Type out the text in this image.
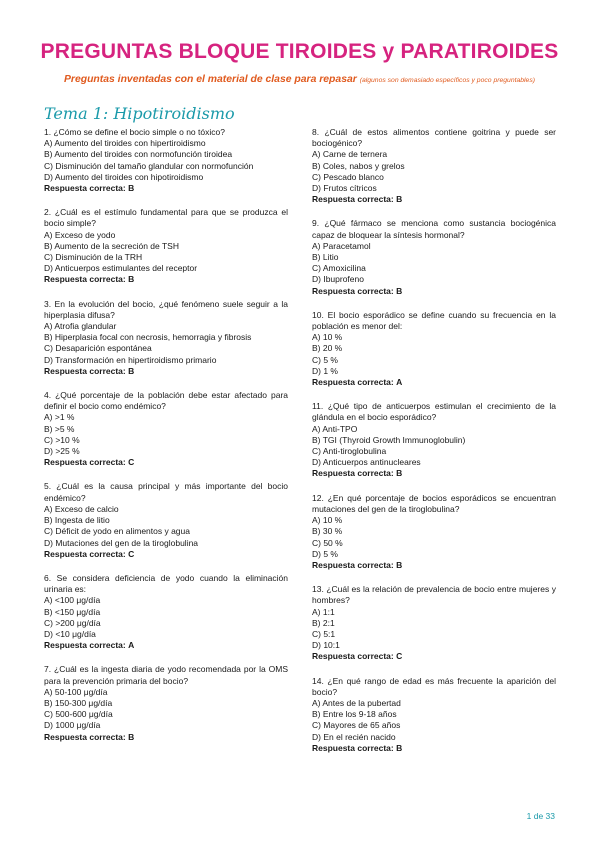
PREGUNTAS BLOQUE TIROIDES y PARATIROIDES
Preguntas inventadas con el material de clase para repasar (algunos son demasiado específicos y poco preguntables)
Tema 1: Hipotiroidismo
1. ¿Cómo se define el bocio simple o no tóxico?
A) Aumento del tiroides con hipertiroidismo
B) Aumento del tiroides con normofunción tiroidea
C) Disminución del tamaño glandular con normofunción
D) Aumento del tiroides con hipotiroidismo
Respuesta correcta: B
2. ¿Cuál es el estímulo fundamental para que se produzca el bocio simple?
A) Exceso de yodo
B) Aumento de la secreción de TSH
C) Disminución de la TRH
D) Anticuerpos estimulantes del receptor
Respuesta correcta: B
3. En la evolución del bocio, ¿qué fenómeno suele seguir a la hiperplasia difusa?
A) Atrofia glandular
B) Hiperplasia focal con necrosis, hemorragia y fibrosis
C) Desaparición espontánea
D) Transformación en hipertiroidismo primario
Respuesta correcta: B
4. ¿Qué porcentaje de la población debe estar afectado para definir el bocio como endémico?
A) >1 %
B) >5 %
C) >10 %
D) >25 %
Respuesta correcta: C
5. ¿Cuál es la causa principal y más importante del bocio endémico?
A) Exceso de calcio
B) Ingesta de litio
C) Déficit de yodo en alimentos y agua
D) Mutaciones del gen de la tiroglobulina
Respuesta correcta: C
6. Se considera deficiencia de yodo cuando la eliminación urinaria es:
A) <100 μg/día
B) <150 μg/día
C) >200 μg/día
D) <10 μg/día
Respuesta correcta: A
7. ¿Cuál es la ingesta diaria de yodo recomendada por la OMS para la prevención primaria del bocio?
A) 50-100 μg/día
B) 150-300 μg/día
C) 500-600 μg/día
D) 1000 μg/día
Respuesta correcta: B
8. ¿Cuál de estos alimentos contiene goitrina y puede ser bociogénico?
A) Carne de ternera
B) Coles, nabos y grelos
C) Pescado blanco
D) Frutos cítricos
Respuesta correcta: B
9. ¿Qué fármaco se menciona como sustancia bociogénica capaz de bloquear la síntesis hormonal?
A) Paracetamol
B) Litio
C) Amoxicilina
D) Ibuprofeno
Respuesta correcta: B
10. El bocio esporádico se define cuando su frecuencia en la población es menor del:
A) 10 %
B) 20 %
C) 5 %
D) 1 %
Respuesta correcta: A
11. ¿Qué tipo de anticuerpos estimulan el crecimiento de la glándula en el bocio esporádico?
A) Anti-TPO
B) TGI (Thyroid Growth Immunoglobulin)
C) Anti-tiroglobulina
D) Anticuerpos antinucleares
Respuesta correcta: B
12. ¿En qué porcentaje de bocios esporádicos se encuentran mutaciones del gen de la tiroglobulina?
A) 10 %
B) 30 %
C) 50 %
D) 5 %
Respuesta correcta: B
13. ¿Cuál es la relación de prevalencia de bocio entre mujeres y hombres?
A) 1:1
B) 2:1
C) 5:1
D) 10:1
Respuesta correcta: C
14. ¿En qué rango de edad es más frecuente la aparición del bocio?
A) Antes de la pubertad
B) Entre los 9-18 años
C) Mayores de 65 años
D) En el recién nacido
Respuesta correcta: B
1 de 33
